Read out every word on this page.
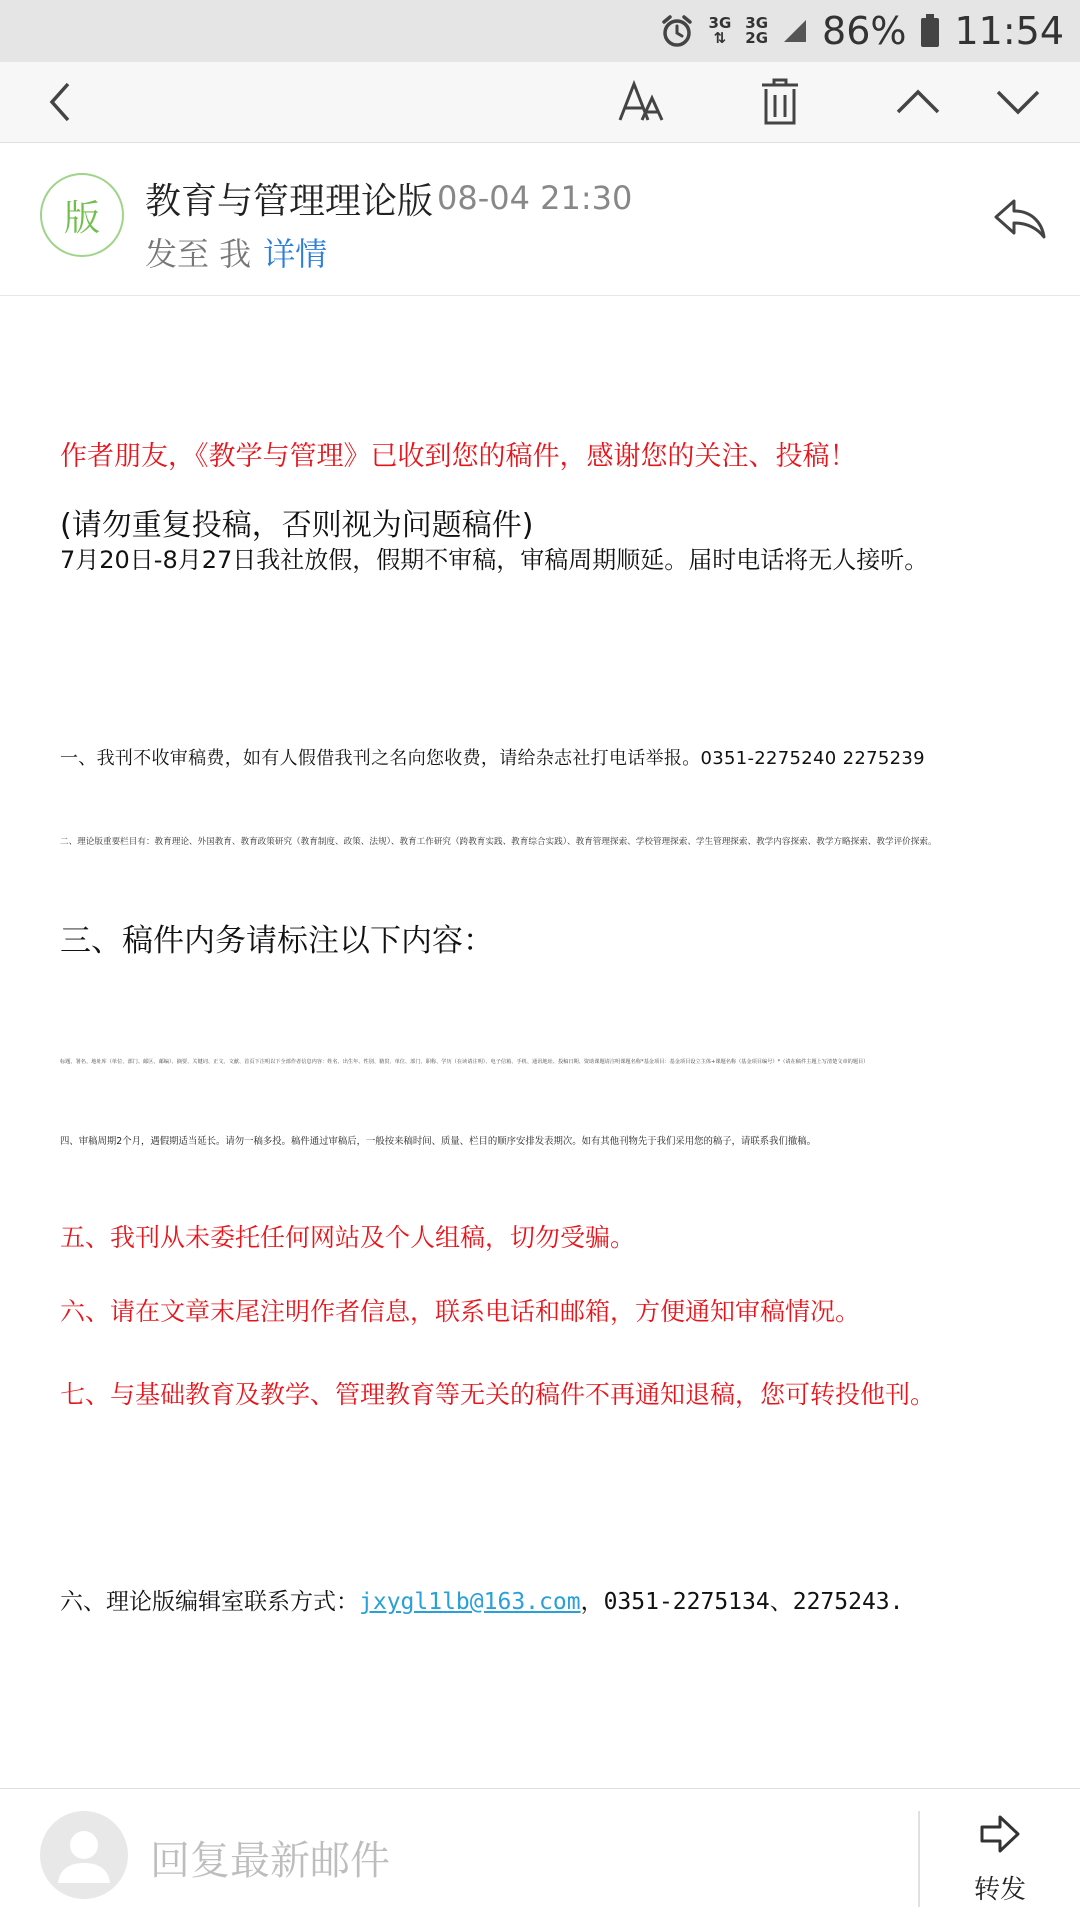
3G
⇅
3G
2G 86% 11:54
版	教育与管理理论版 08-04 21:30
发至 我 详情
作者朋友，《教学与管理》已收到您的稿件，感谢您的关注、投稿！
(请勿重复投稿，否则视为问题稿件)
7月20日-8月27日我社放假，假期不审稿，审稿周期顺延。届时电话将无人接听。
一、我刊不收审稿费，如有人假借我刊之名向您收费，请给杂志社打电话举报。0351-2275240 2275239
二、理论版重要栏目有：教育理论、外国教育、教育政策研究（教育制度、政策、法规）、教育工作研究（跨教育实践、教育综合实践）、教育管理探索、学校管理探索、学生管理探索、教学内容探索、教学方略探索、教学评价探索。
三、稿件内务请标注以下内容：
标题、署名、地址库（单位、部门、邮区、邮编）、摘要、关键词、正文、文献、首页下注明以下全部作者信息内容：姓名、出生年、性别、籍贯、单位、部门、职称、学历（在读请注明）、电子信箱、手机、通讯地址、投稿日期、资助课题请注明课题名称*基金项目：基金项目设立主体+课题名称（基金项目编号）*（请在稿件主题上写清楚文章的题目）
四、审稿周期2个月，遇假期适当延长。请勿一稿多投。稿件通过审稿后，一般按来稿时间、质量、栏目的顺序安排发表期次。如有其他刊物先于我们采用您的稿子，请联系我们撤稿。
五、我刊从未委托任何网站及个人组稿，切勿受骗。
六、请在文章末尾注明作者信息，联系电话和邮箱，方便通知审稿情况。
七、与基础教育及教学、管理教育等无关的稿件不再通知退稿，您可转投他刊。
六、理论版编辑室联系方式：jxygl1lb@163.com，0351-2275134、2275243.
回复最新邮件
转发
